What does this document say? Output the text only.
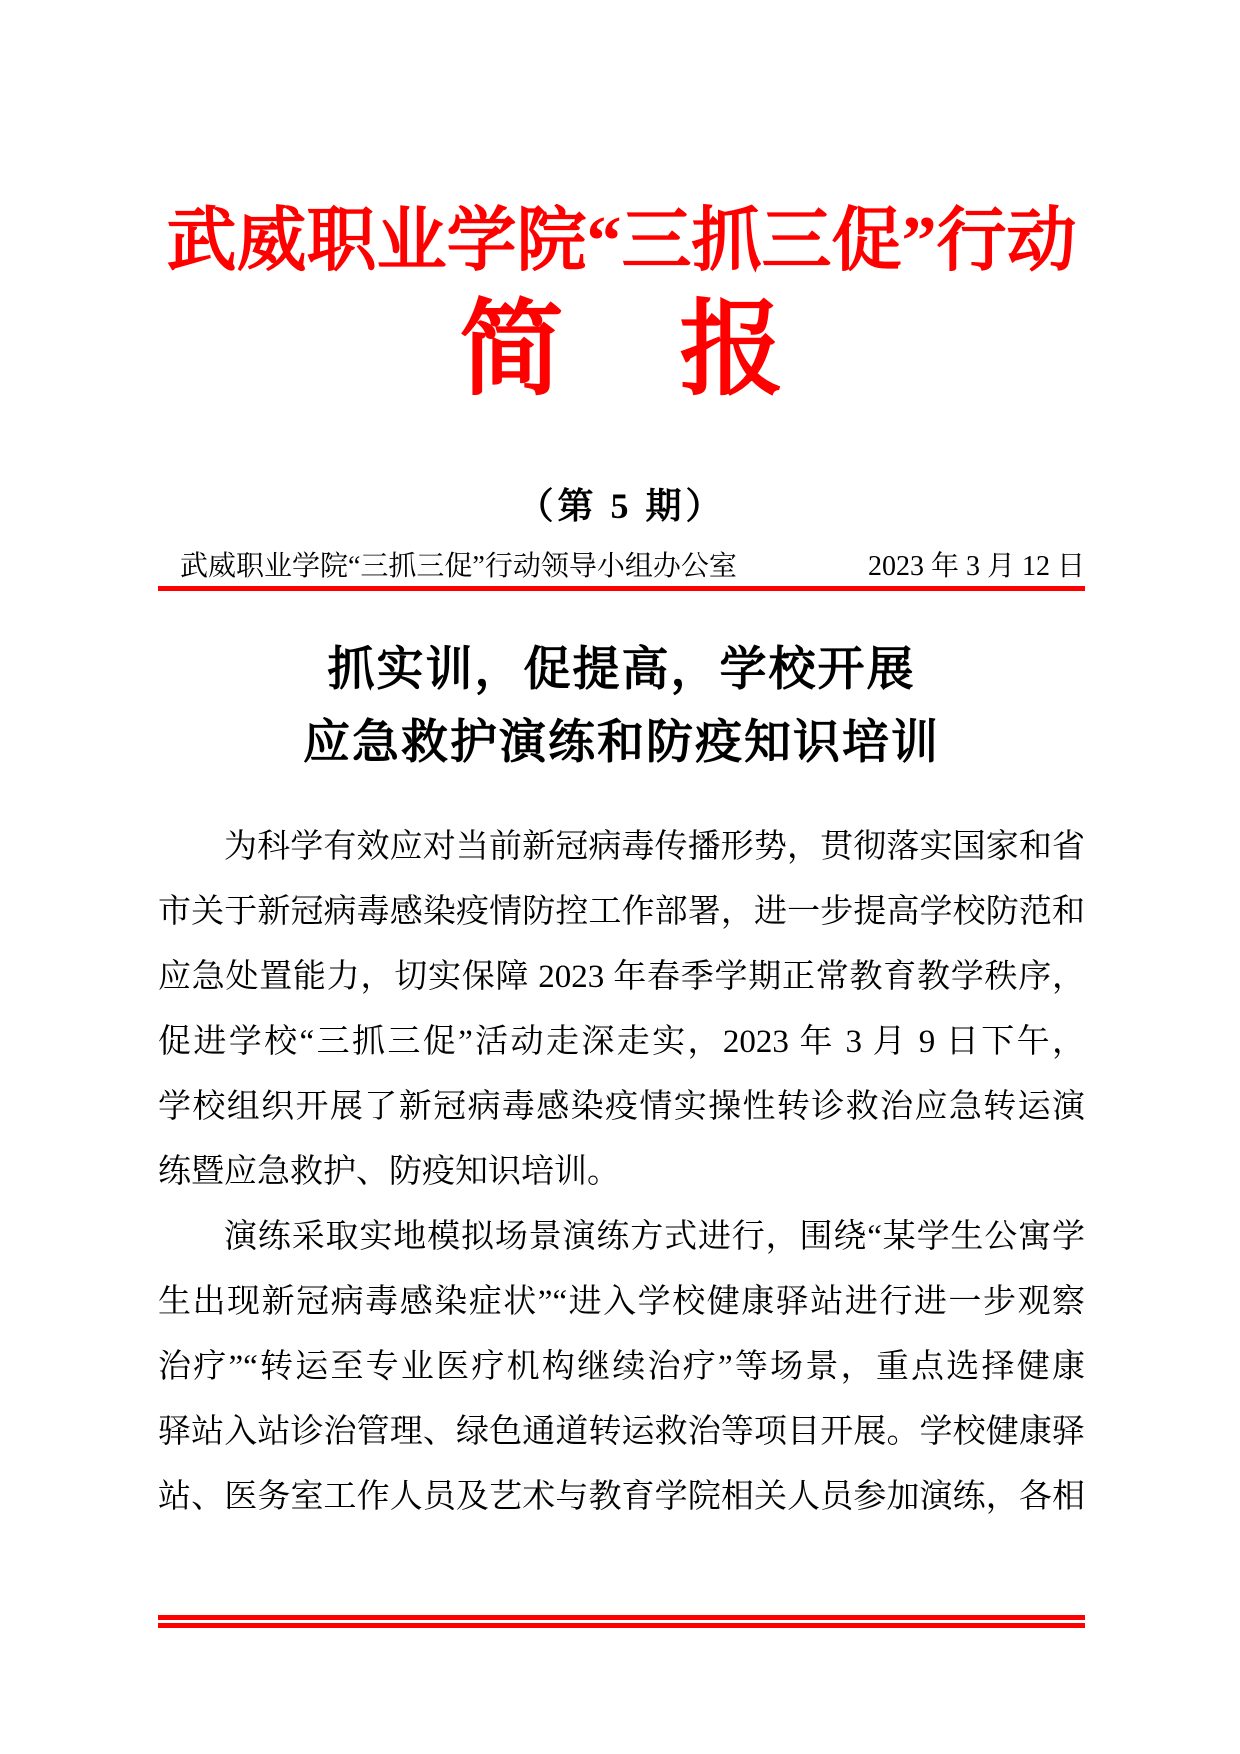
武威职业学院“三抓三促”行动
简 报
（第 5 期）
武威职业学院“三抓三促”行动领导小组办公室	2023 年 3 月 12 日
抓实训，促提高，学校开展
应急救护演练和防疫知识培训
为科学有效应对当前新冠病毒传播形势，贯彻落实国家和省
市关于新冠病毒感染疫情防控工作部署，进一步提高学校防范和
应急处置能力，切实保障 2023 年春季学期正常教育教学秩序，
促进学校“三抓三促”活动走深走实，2023 年 3 月 9 日下午，
学校组织开展了新冠病毒感染疫情实操性转诊救治应急转运演
练暨应急救护、防疫知识培训。
演练采取实地模拟场景演练方式进行，围绕“某学生公寓学
生出现新冠病毒感染症状”“进入学校健康驿站进行进一步观察
治疗”“转运至专业医疗机构继续治疗”等场景，重点选择健康
驿站入站诊治管理、绿色通道转运救治等项目开展。学校健康驿
站、医务室工作人员及艺术与教育学院相关人员参加演练，各相
